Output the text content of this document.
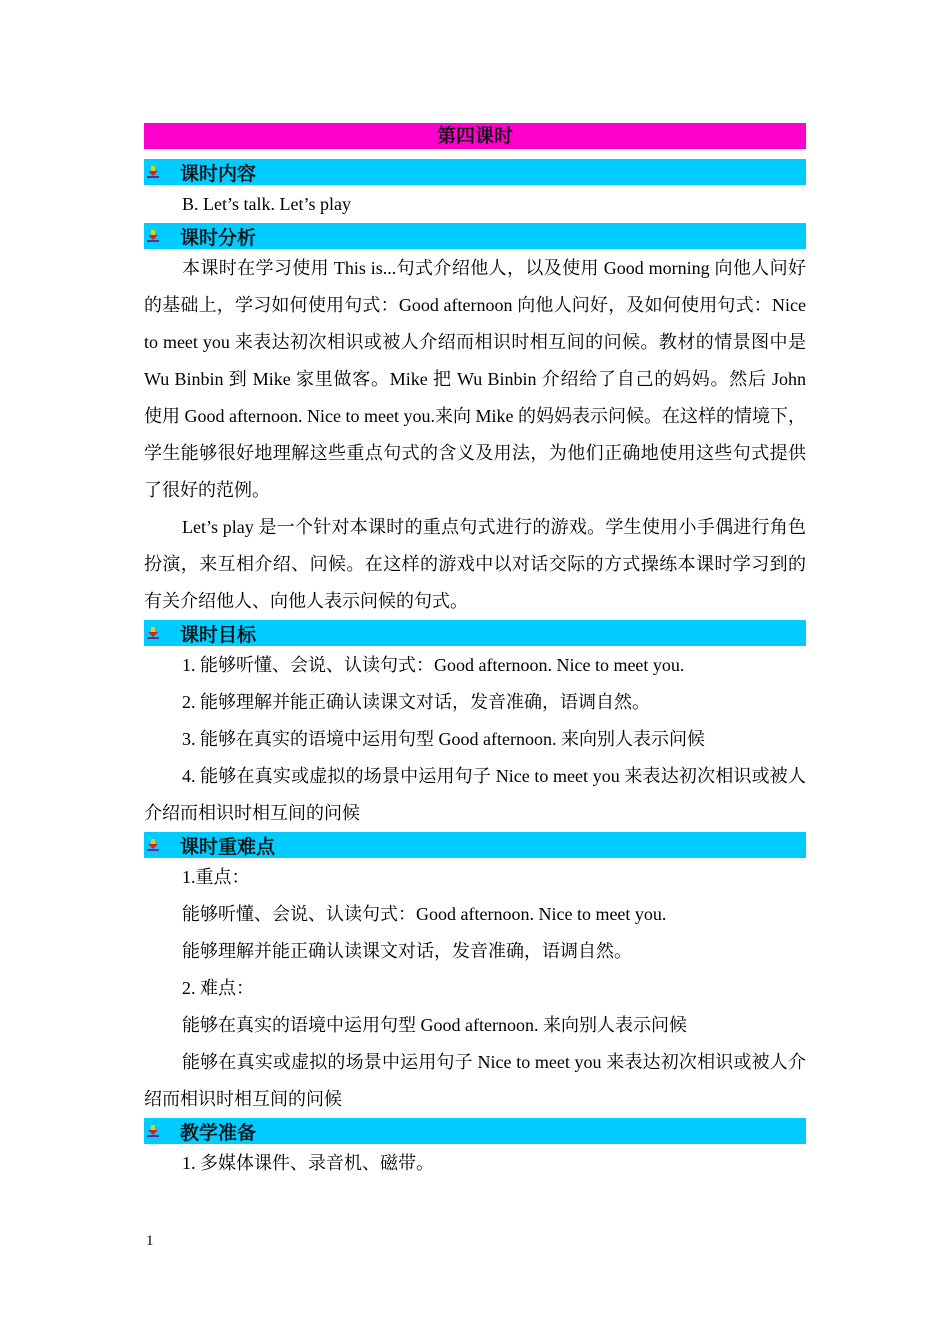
第四课时
课时内容

B. Let’s talk. Let’s play

课时分析

本课时在学习使用 This is...句式介绍他人，以及使用 Good morning 向他人问好的基础上，学习如何使用句式：Good afternoon 向他人问好，及如何使用句式：Nice to meet you 来表达初次相识或被人介绍而相识时相互间的问候。教材的情景图中是 Wu Binbin 到 Mike 家里做客。Mike 把 Wu Binbin 介绍给了自己的妈妈。然后 John 使用 Good afternoon. Nice to meet you.来向 Mike 的妈妈表示问候。在这样的情境下，学生能够很好地理解这些重点句式的含义及用法，为他们正确地使用这些句式提供了很好的范例。

Let’s play 是一个针对本课时的重点句式进行的游戏。学生使用小手偶进行角色扮演，来互相介绍、问候。在这样的游戏中以对话交际的方式操练本课时学习到的有关介绍他人、向他人表示问候的句式。

课时目标

1. 能够听懂、会说、认读句式：Good afternoon. Nice to meet you.

2. 能够理解并能正确认读课文对话，发音准确，语调自然。

3. 能够在真实的语境中运用句型 Good afternoon. 来向别人表示问候

4. 能够在真实或虚拟的场景中运用句子 Nice to meet you 来表达初次相识或被人介绍而相识时相互间的问候

课时重难点

1.重点：

能够听懂、会说、认读句式：Good afternoon. Nice to meet you.

能够理解并能正确认读课文对话，发音准确，语调自然。

2. 难点：

能够在真实的语境中运用句型 Good afternoon. 来向别人表示问候

能够在真实或虚拟的场景中运用句子 Nice to meet you 来表达初次相识或被人介绍而相识时相互间的问候

教学准备

1. 多媒体课件、录音机、磁带。

1
